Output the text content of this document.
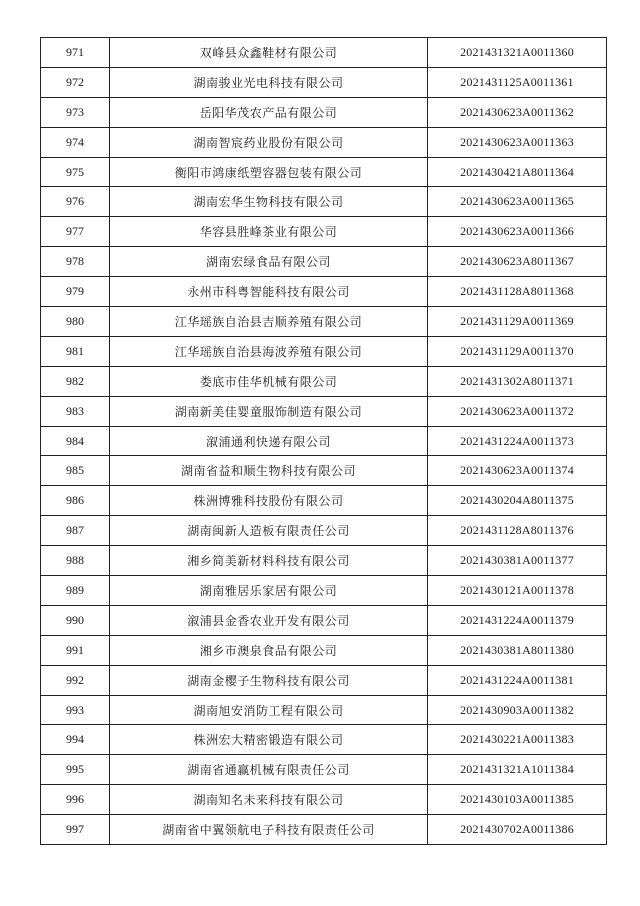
971	双峰县众鑫鞋材有限公司	2021431321A0011360
972	湖南骏业光电科技有限公司	2021431125A0011361
973	岳阳华茂农产品有限公司	2021430623A0011362
974	湖南智宸药业股份有限公司	2021430623A0011363
975	衡阳市鸿康纸塑容器包装有限公司	2021430421A8011364
976	湖南宏华生物科技有限公司	2021430623A0011365
977	华容县胜峰茶业有限公司	2021430623A0011366
978	湖南宏绿食品有限公司	2021430623A8011367
979	永州市科粤智能科技有限公司	2021431128A8011368
980	江华瑶族自治县吉顺养殖有限公司	2021431129A0011369
981	江华瑶族自治县海波养殖有限公司	2021431129A0011370
982	娄底市佳华机械有限公司	2021431302A8011371
983	湖南新美佳婴童服饰制造有限公司	2021430623A0011372
984	溆浦通利快递有限公司	2021431224A0011373
985	湖南省益和顺生物科技有限公司	2021430623A0011374
986	株洲博雅科技股份有限公司	2021430204A8011375
987	湖南闽新人造板有限责任公司	2021431128A8011376
988	湘乡简美新材料科技有限公司	2021430381A0011377
989	湖南雅居乐家居有限公司	2021430121A0011378
990	溆浦县金香农业开发有限公司	2021431224A0011379
991	湘乡市澳泉食品有限公司	2021430381A8011380
992	湖南金樱子生物科技有限公司	2021431224A0011381
993	湖南旭安消防工程有限公司	2021430903A0011382
994	株洲宏大精密锻造有限公司	2021430221A0011383
995	湖南省通赢机械有限责任公司	2021431321A1011384
996	湖南知名未来科技有限公司	2021430103A0011385
997	湖南省中翼领航电子科技有限责任公司	2021430702A0011386
